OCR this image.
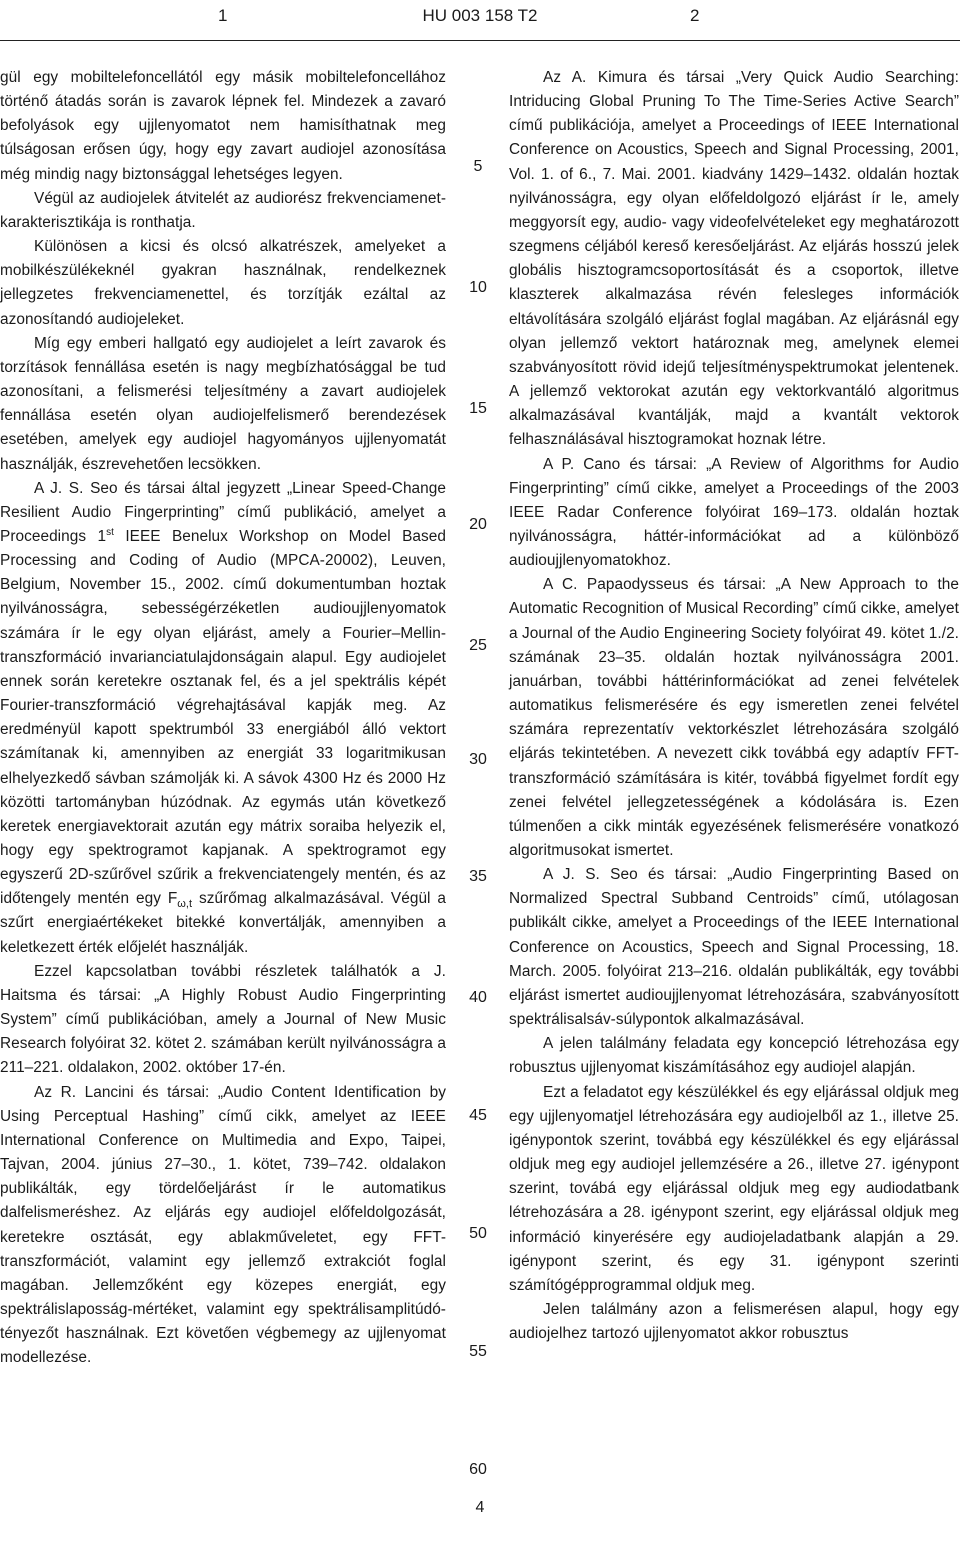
1	HU 003 158 T2	2

gül egy mobiltelefoncellától egy másik mobiltelefoncellához történő átadás során is zavarok lépnek fel. Mindezek a zavaró befolyások egy ujjlenyomatot nem hamisíthatnak meg túlságosan erősen úgy, hogy egy zavart audiojel azonosítása még mindig nagy biztonsággal lehetséges legyen.

Végül az audiojelek átvitelét az audiorész frekvenciamenet-karakterisztikája is ronthatja.

Különösen a kicsi és olcsó alkatrészek, amelyeket a mobilkészülékeknél gyakran használnak, rendelkeznek jellegzetes frekvenciamenettel, és torzítják ezáltal az azonosítandó audiojeleket.

Míg egy emberi hallgató egy audiojelet a leírt zavarok és torzítások fennállása esetén is nagy megbízhatósággal be tud azonosítani, a felismerési teljesítmény a zavart audiojelek fennállása esetén olyan audiojelfelismerő berendezések esetében, amelyek egy audiojel hagyományos ujjlenyomatát használják, észrevehetően lecsökken.

A J. S. Seo és társai által jegyzett „Linear Speed-Change Resilient Audio Fingerprinting” című publikáció, amelyet a Proceedings 1st IEEE Benelux Workshop on Model Based Processing and Coding of Audio (MPCA-20002), Leuven, Belgium, November 15., 2002. című dokumentumban hoztak nyilvánosságra, sebességérzéketlen audioujjlenyomatok számára ír le egy olyan eljárást, amely a Fourier–Mellin-transzformáció invarianciatulajdonságain alapul. Egy audiojelet ennek során keretekre osztanak fel, és a jel spektrális képét Fourier-transzformáció végrehajtásával kapják meg. Az eredményül kapott spektrumból 33 energiából álló vektort számítanak ki, amennyiben az energiát 33 logaritmikusan elhelyezkedő sávban számolják ki. A sávok 4300 Hz és 2000 Hz közötti tartományban húzódnak. Az egymás után következő keretek energiavektorait azután egy mátrix soraiba helyezik el, hogy egy spektrogramot kapjanak. A spektrogramot egy egyszerű 2D-szűrővel szűrik a frekvenciatengely mentén, és az időtengely mentén egy $F_{\omega,t}$ szűrőmag alkalmazásával. Végül a szűrt energiaértékeket bitekké konvertálják, amennyiben a keletkezett érték előjelét használják.

Ezzel kapcsolatban további részletek találhatók a J. Haitsma és társai: „A Highly Robust Audio Fingerprinting System” című publikációban, amely a Journal of New Music Research folyóirat 32. kötet 2. számában került nyilvánosságra a 211–221. oldalakon, 2002. október 17-én.

Az R. Lancini és társai: „Audio Content Identification by Using Perceptual Hashing” című cikk, amelyet az IEEE International Conference on Multimedia and Expo, Taipei, Tajvan, 2004. június 27–30., 1. kötet, 739–742. oldalakon publikálták, egy tördelőeljárást ír le automatikus dalfelismeréshez. Az eljárás egy audiojel előfeldolgozását, keretekre osztását, egy ablakműveletet, egy FFT-transzformációt, valamint egy jellemző extrakciót foglal magában. Jellemzőként egy közepes energiát, egy spektrálislaposság-mértéket, valamint egy spektrálisamplitúdó-tényezőt használnak. Ezt követően végbemegy az ujjlenyomat modellezése.

5
10
15
20
25
30
35
40
45
50
55
60

Az A. Kimura és társai „Very Quick Audio Searching: Intriducing Global Pruning To The Time-Series Active Search” című publikációja, amelyet a Proceedings of IEEE International Conference on Acoustics, Speech and Signal Processing, 2001, Vol. 1. of 6., 7. Mai. 2001. kiadvány 1429–1432. oldalán hoztak nyilvánosságra, egy olyan előfeldolgozó eljárást ír le, amely meggyorsít egy, audio- vagy videofelvételeket egy meghatározott szegmens céljából kereső keresőeljárást. Az eljárás hosszú jelek globális hisztogramcsoportosítását és a csoportok, illetve klaszterek alkalmazása révén felesleges információk eltávolítására szolgáló eljárást foglal magában. Az eljárásnál egy olyan jellemző vektort határoznak meg, amelynek elemei szabványosított rövid idejű teljesítményspektrumokat jelentenek. A jellemző vektorokat azután egy vektorkvantáló algoritmus alkalmazásával kvantálják, majd a kvantált vektorok felhasználásával hisztogramokat hoznak létre.

A P. Cano és társai: „A Review of Algorithms for Audio Fingerprinting” című cikke, amelyet a Proceedings of the 2003 IEEE Radar Conference folyóirat 169–173. oldalán hoztak nyilvánosságra, háttér-információkat ad a különböző audioujjlenyomatokhoz.

A C. Papaodysseus és társai: „A New Approach to the Automatic Recognition of Musical Recording” című cikke, amelyet a Journal of the Audio Engineering Society folyóirat 49. kötet 1./2. számának 23–35. oldalán hoztak nyilvánosságra 2001. januárban, további háttérinformációkat ad zenei felvételek automatikus felismerésére és egy ismeretlen zenei felvétel számára reprezentatív vektorkészlet létrehozására szolgáló eljárás tekintetében. A nevezett cikk továbbá egy adaptív FFT-transzformáció számítására is kitér, továbbá figyelmet fordít egy zenei felvétel jellegzetességének a kódolására is. Ezen túlmenően a cikk minták egyezésének felismerésére vonatkozó algoritmusokat ismertet.

A J. S. Seo és társai: „Audio Fingerprinting Based on Normalized Spectral Subband Centroids” című, utólagosan publikált cikke, amelyet a Proceedings of the IEEE International Conference on Acoustics, Speech and Signal Processing, 18. March. 2005. folyóirat 213–216. oldalán publikálták, egy további eljárást ismertet audioujjlenyomat létrehozására, szabványosított spektrálisalsáv-súlypontok alkalmazásával.

A jelen találmány feladata egy koncepció létrehozása egy robusztus ujjlenyomat kiszámításához egy audiojel alapján.

Ezt a feladatot egy készülékkel és egy eljárással oldjuk meg egy ujjlenyomatjel létrehozására egy audiojelből az 1., illetve 25. igénypontok szerint, továbbá egy készülékkel és egy eljárással oldjuk meg egy audiojel jellemzésére a 26., illetve 27. igénypont szerint, továbá egy eljárással oldjuk meg egy audiodatbank létrehozására a 28. igénypont szerint, egy eljárással oldjuk meg információ kinyerésére egy audiojeladatbank alapján a 29. igénypont szerint, és egy 31. igénypont szerinti számítógépprogrammal oldjuk meg.

Jelen találmány azon a felismerésen alapul, hogy egy audiojelhez tartozó ujjlenyomatot akkor robusztus

4
